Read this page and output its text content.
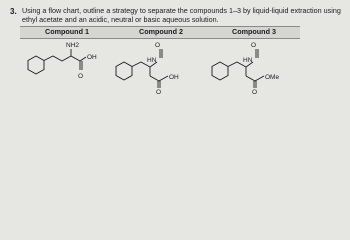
3. Using a flow chart, outline a strategy to separate the compounds 1–3 by liquid-liquid extraction using
ethyl acetate and an acidic, neutral or basic aqueous solution.
Compound 1	Compound 2	Compound 3
NH2
OH
O
O
HN
OH
O
O
HN
OMe
O
